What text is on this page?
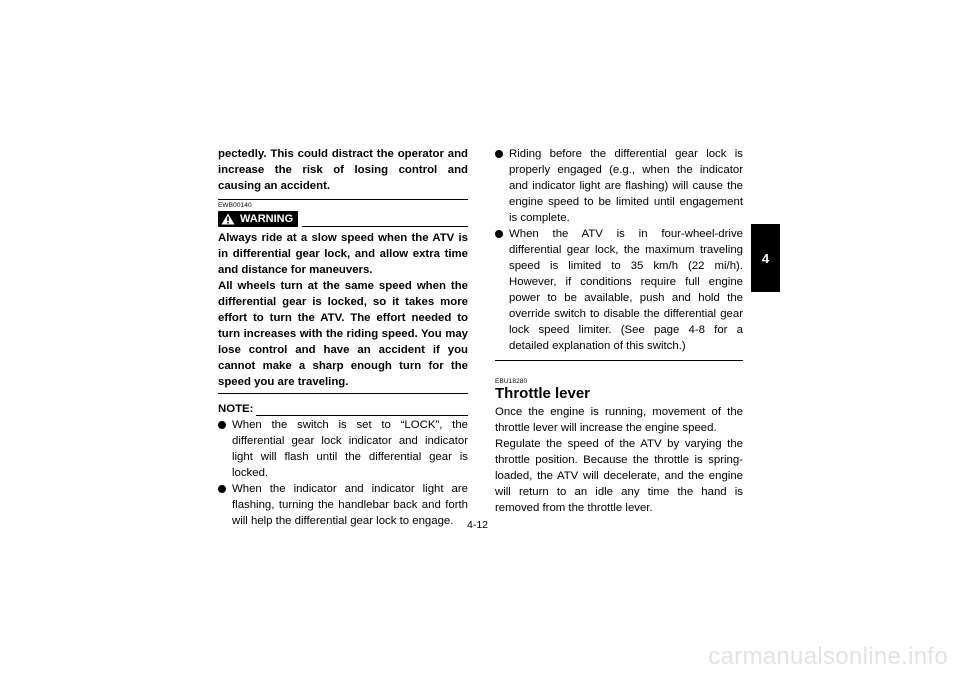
pectedly. This could distract the operator and increase the risk of losing control and causing an accident.

EWB00140
WARNING

Always ride at a slow speed when the ATV is in differential gear lock, and allow extra time and distance for maneuvers.

All wheels turn at the same speed when the differential gear is locked, so it takes more effort to turn the ATV. The effort needed to turn increases with the riding speed. You may lose control and have an accident if you cannot make a sharp enough turn for the speed you are traveling.

NOTE:
When the switch is set to “LOCK”, the differential gear lock indicator and indicator light will flash until the differential gear is locked.
When the indicator and indicator light are flashing, turning the handlebar back and forth will help the differential gear lock to engage.
Riding before the differential gear lock is properly engaged (e.g., when the indicator and indicator light are flashing) will cause the engine speed to be limited until engagement is complete.
When the ATV is in four-wheel-drive differential gear lock, the maximum traveling speed is limited to 35 km/h (22 mi/h). However, if conditions require full engine power to be available, push and hold the override switch to disable the differential gear lock speed limiter. (See page 4-8 for a detailed explanation of this switch.)
EBU18280
Throttle lever

Once the engine is running, movement of the throttle lever will increase the engine speed.

Regulate the speed of the ATV by varying the throttle position. Because the throttle is spring-loaded, the ATV will decelerate, and the engine will return to an idle any time the hand is removed from the throttle lever.

4
4-12
carmanualsonline.info
